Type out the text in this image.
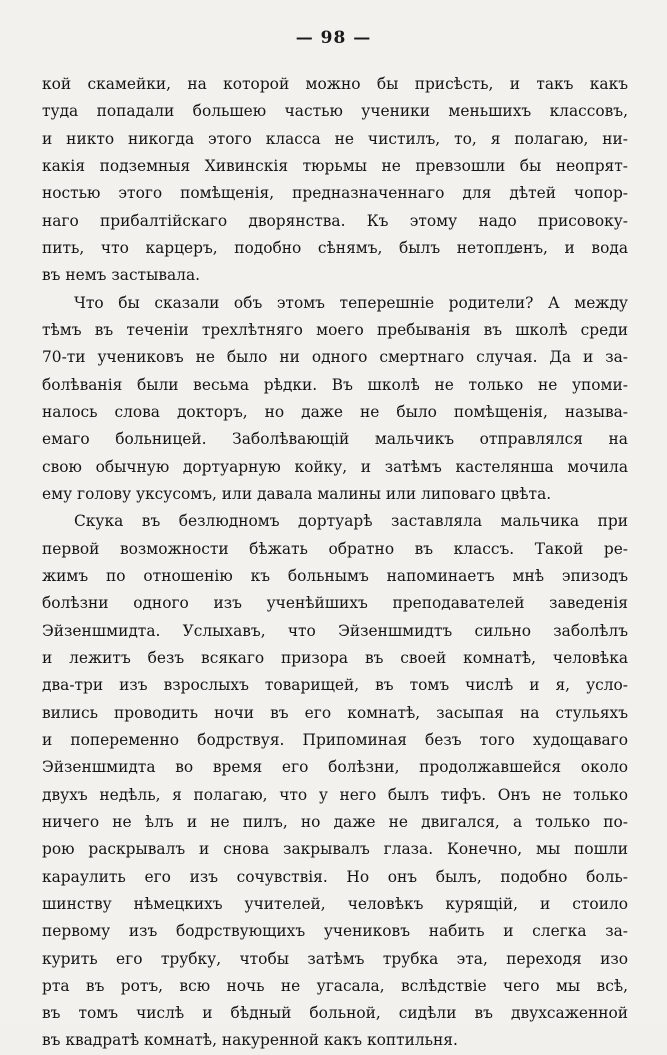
— 98 —
кой скамейки, на которой можно бы присѣсть, и такъ какъ
туда попадали большею частью ученики меньшихъ классовъ,
и никто никогда этого класса не чистилъ, то, я полагаю, ни-
какія подземныя Хивинскія тюрьмы не превзошли бы неопрят-
ностью этого помѣщенія, предназначеннаго для дѣтей чопор-
наго прибалтійскаго дворянства. Къ этому надо присовоку-
пить, что карцеръ, подобно сѣнямъ, былъ нетопленъ, и вода
въ немъ застывала.
Что бы сказали объ этомъ теперешніе родители? А между
тѣмъ въ теченіи трехлѣтняго моего пребыванія въ школѣ среди
70-ти учениковъ не было ни одного смертнаго случая. Да и за-
болѣванія были весьма рѣдки. Въ школѣ не только не упоми-
налось слова докторъ, но даже не было помѣщенія, называ-
емаго больницей. Заболѣвающій мальчикъ отправлялся на
свою обычную дортуарную койку, и затѣмъ кастелянша мочила
ему голову уксусомъ, или давала малины или липоваго цвѣта.
Скука въ безлюдномъ дортуарѣ заставляла мальчика при
первой возможности бѣжать обратно въ классъ. Такой ре-
жимъ по отношенію къ больнымъ напоминаетъ мнѣ эпизодъ
болѣзни одного изъ ученѣйшихъ преподавателей заведенія
Эйзеншмидта. Услыхавъ, что Эйзеншмидтъ сильно заболѣлъ
и лежитъ безъ всякаго призора въ своей комнатѣ, человѣка
два-три изъ взрослыхъ товарищей, въ томъ числѣ и я, усло-
вились проводить ночи въ его комнатѣ, засыпая на стульяхъ
и попеременно бодрствуя. Припоминая безъ того худощаваго
Эйзеншмидта во время его болѣзни, продолжавшейся около
двухъ недѣль, я полагаю, что у него былъ тифъ. Онъ не только
ничего не ѣлъ и не пилъ, но даже не двигался, а только по-
рою раскрывалъ и снова закрывалъ глаза. Конечно, мы пошли
караулить его изъ сочувствія. Но онъ былъ, подобно боль-
шинству нѣмецкихъ учителей, человѣкъ курящій, и стоило
первому изъ бодрствующихъ учениковъ набить и слегка за-
курить его трубку, чтобы затѣмъ трубка эта, переходя изо
рта въ ротъ, всю ночь не угасала, вслѣдствіе чего мы всѣ,
въ томъ числѣ и бѣдный больной, сидѣли въ двухсаженной
въ квадратѣ комнатѣ, накуренной какъ коптильня.
